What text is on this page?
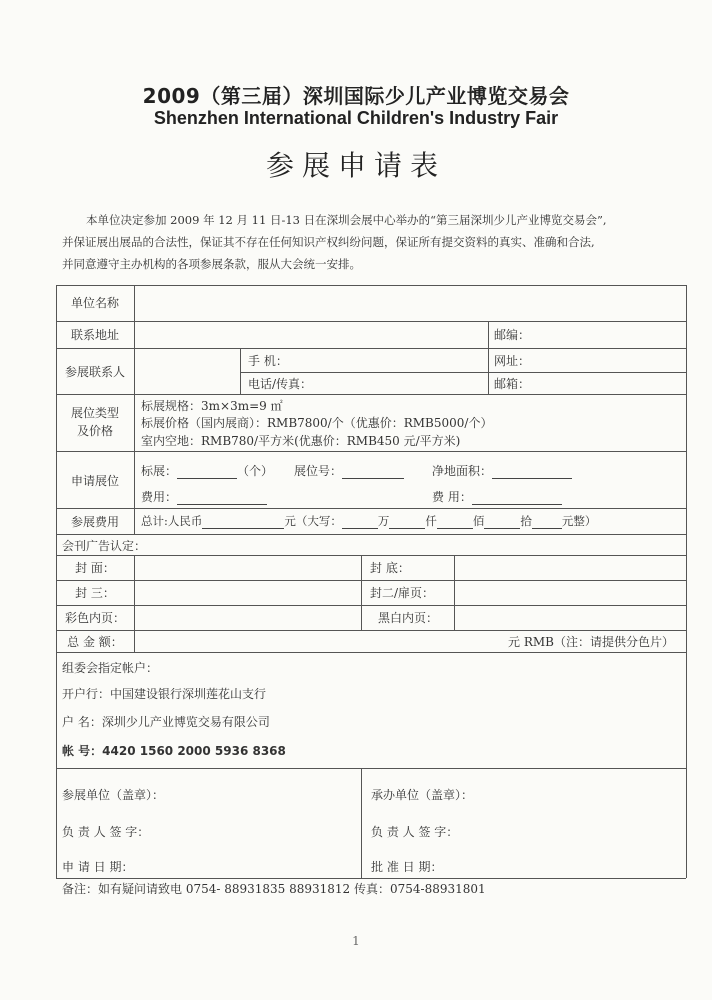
2009（第三届）深圳国际少儿产业博览交易会
Shenzhen International Children's Industry Fair
参展申请表

本单位决定参加 2009 年 12 月 11 日-13 日在深圳会展中心举办的“第三届深圳少儿产业博览交易会”,

并保证展出展品的合法性，保证其不存在任何知识产权纠纷问题，保证所有提交资料的真实、准确和合法,

并同意遵守主办机构的各项参展条款，服从大会统一安排。

单位名称
联系地址	邮编：
参展联系人
手 机：	网址：
电话/传真：	邮箱：
展位类型
及价格
标展规格：3m×3m=9 ㎡
标展价格（国内展商）：RMB7800/个（优惠价：RMB5000/个）
室内空地：RMB780/平方米(优惠价：RMB450 元/平方米)
申请展位
标展：	（个） 展位号：	净地面积：
费用：	费 用：
参展费用	总计:人民币	元（大写：	万	仟	佰	拾	元整）
会刊广告认定：
封 面：	封 底：
封 三：	封二/扉页：
彩色内页：	黑白内页：
总 金 额：	元 RMB（注：请提供分色片）
组委会指定帐户：
开户行：中国建设银行深圳莲花山支行
户 名：深圳少儿产业博览交易有限公司
帐 号：4420 1560 2000 5936 8368
参展单位（盖章）：	承办单位（盖章）：
负 责 人 签 字：	负 责 人 签 字：
申 请 日 期：	批 准 日 期：
备注：如有疑问请致电 0754- 88931835 88931812 传真：0754-88931801
1
